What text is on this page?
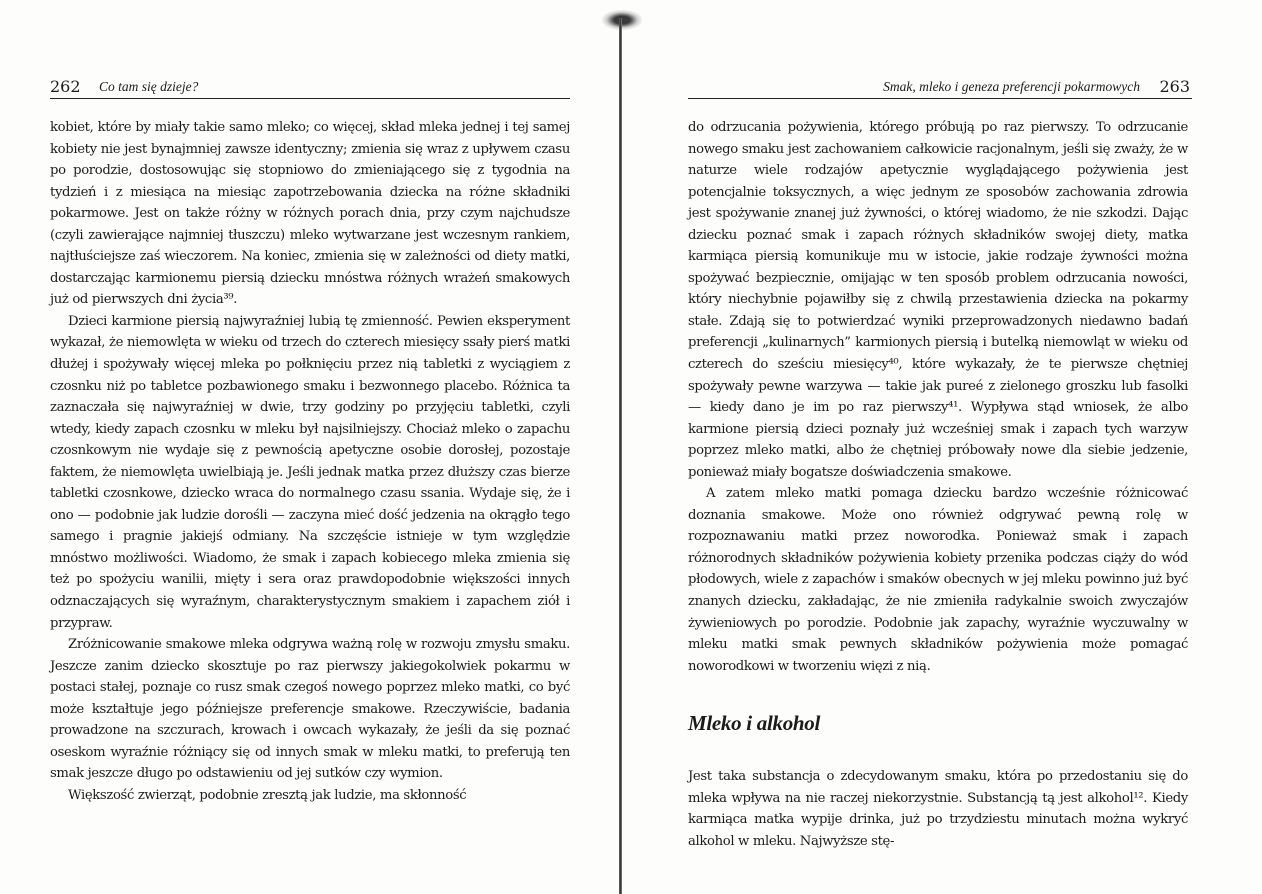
262 Co tam się dzieje?

kobiet, które by miały takie samo mleko; co więcej, skład mleka jednej i tej samej kobiety nie jest bynajmniej zawsze identyczny; zmienia się wraz z upływem czasu po porodzie, dostosowując się stopniowo do zmieniającego się z tygodnia na tydzień i z miesiąca na miesiąc zapotrzebowania dziecka na różne składniki pokarmowe. Jest on także różny w różnych porach dnia, przy czym najchudsze (czyli zawierające najmniej tłuszczu) mleko wytwarzane jest wczesnym rankiem, najtłuściejsze zaś wieczorem. Na koniec, zmienia się w zależności od diety matki, dostarczając karmionemu piersią dziecku mnóstwa różnych wrażeń smakowych już od pierwszych dni życia³⁹.

Dzieci karmione piersią najwyraźniej lubią tę zmienność. Pewien eksperyment wykazał, że niemowlęta w wieku od trzech do czterech miesięcy ssały pierś matki dłużej i spożywały więcej mleka po połknięciu przez nią tabletki z wyciągiem z czosnku niż po tabletce pozbawionego smaku i bezwonnego placebo. Różnica ta zaznaczała się najwyraźniej w dwie, trzy godziny po przyjęciu tabletki, czyli wtedy, kiedy zapach czosnku w mleku był najsilniejszy. Chociaż mleko o zapachu czosnkowym nie wydaje się z pewnością apetyczne osobie dorosłej, pozostaje faktem, że niemowlęta uwielbiają je. Jeśli jednak matka przez dłuższy czas bierze tabletki czosnkowe, dziecko wraca do normalnego czasu ssania. Wydaje się, że i ono — podobnie jak ludzie dorośli — zaczyna mieć dość jedzenia na okrągło tego samego i pragnie jakiejś odmiany. Na szczęście istnieje w tym względzie mnóstwo możliwości. Wiadomo, że smak i zapach kobiecego mleka zmienia się też po spożyciu wanilii, mięty i sera oraz prawdopodobnie większości innych odznaczających się wyraźnym, charakterystycznym smakiem i zapachem ziół i przypraw.

Zróżnicowanie smakowe mleka odgrywa ważną rolę w rozwoju zmysłu smaku. Jeszcze zanim dziecko skosztuje po raz pierwszy jakiegokolwiek pokarmu w postaci stałej, poznaje co rusz smak czegoś nowego poprzez mleko matki, co być może kształtuje jego późniejsze preferencje smakowe. Rzeczywiście, badania prowadzone na szczurach, krowach i owcach wykazały, że jeśli da się poznać oseskom wyraźnie różniący się od innych smak w mleku matki, to preferują ten smak jeszcze długo po odstawieniu od jej sutków czy wymion.

Większość zwierząt, podobnie zresztą jak ludzie, ma skłonność

Smak, mleko i geneza preferencji pokarmowych 263

do odrzucania pożywienia, którego próbują po raz pierwszy. To odrzucanie nowego smaku jest zachowaniem całkowicie racjonalnym, jeśli się zważy, że w naturze wiele rodzajów apetycznie wyglądającego pożywienia jest potencjalnie toksycznych, a więc jednym ze sposobów zachowania zdrowia jest spożywanie znanej już żywności, o której wiadomo, że nie szkodzi. Dając dziecku poznać smak i zapach różnych składników swojej diety, matka karmiąca piersią komunikuje mu w istocie, jakie rodzaje żywności można spożywać bezpiecznie, omijając w ten sposób problem odrzucania nowości, który niechybnie pojawiłby się z chwilą przestawienia dziecka na pokarmy stałe. Zdają się to potwierdzać wyniki przeprowadzonych niedawno badań preferencji „kulinarnych” karmionych piersią i butelką niemowląt w wieku od czterech do sześciu miesięcy⁴⁰, które wykazały, że te pierwsze chętniej spożywały pewne warzywa — takie jak pureé z zielonego groszku lub fasolki — kiedy dano je im po raz pierwszy⁴¹. Wypływa stąd wniosek, że albo karmione piersią dzieci poznały już wcześniej smak i zapach tych warzyw poprzez mleko matki, albo że chętniej próbowały nowe dla siebie jedzenie, ponieważ miały bogatsze doświadczenia smakowe.

A zatem mleko matki pomaga dziecku bardzo wcześnie różnicować doznania smakowe. Może ono również odgrywać pewną rolę w rozpoznawaniu matki przez noworodka. Ponieważ smak i zapach różnorodnych składników pożywienia kobiety przenika podczas ciąży do wód płodowych, wiele z zapachów i smaków obecnych w jej mleku powinno już być znanych dziecku, zakładając, że nie zmieniła radykalnie swoich zwyczajów żywieniowych po porodzie. Podobnie jak zapachy, wyraźnie wyczuwalny w mleku matki smak pewnych składników pożywienia może pomagać noworodkowi w tworzeniu więzi z nią.

Mleko i alkohol

Jest taka substancja o zdecydowanym smaku, która po przedostaniu się do mleka wpływa na nie raczej niekorzystnie. Substancją tą jest alkohol¹². Kiedy karmiąca matka wypije drinka, już po trzydziestu minutach można wykryć alkohol w mleku. Najwyższe stę-
